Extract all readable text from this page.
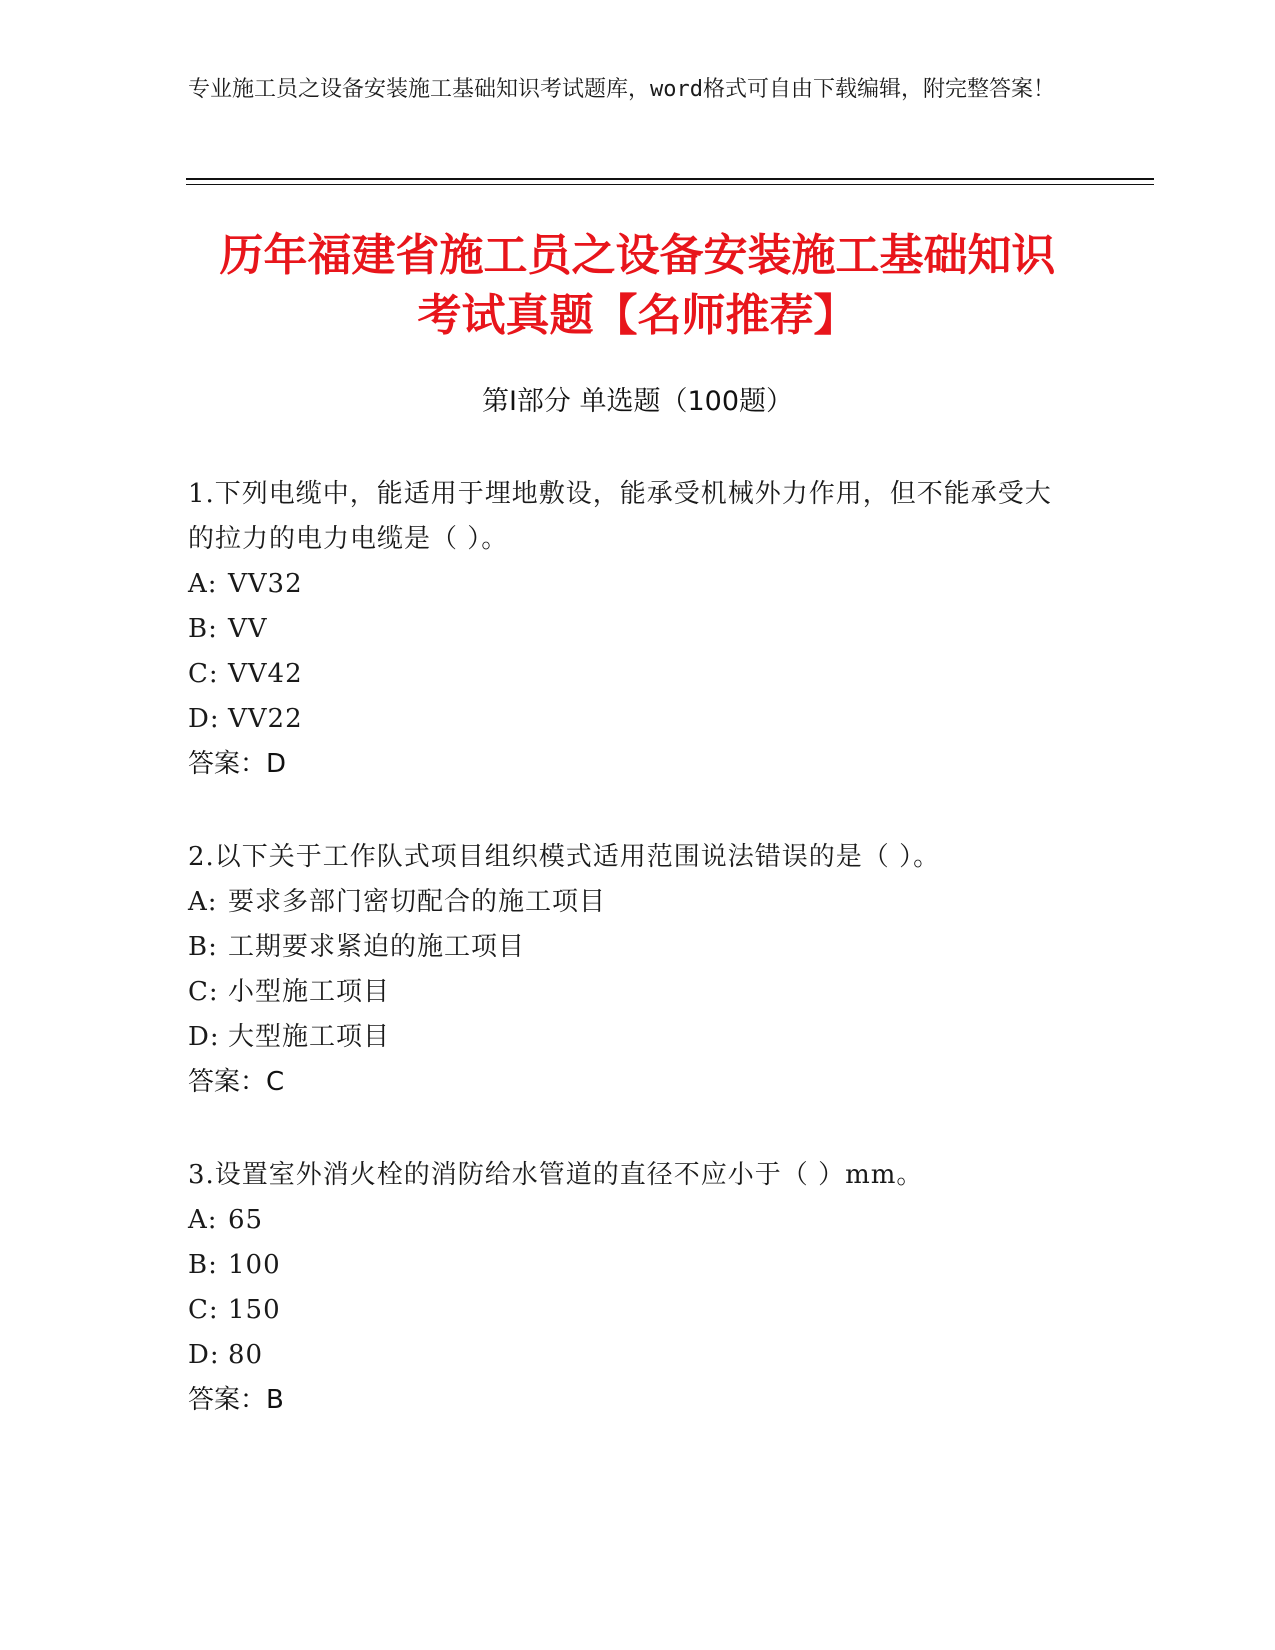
专业施工员之设备安装施工基础知识考试题库，word格式可自由下载编辑，附完整答案！
历年福建省施工员之设备安装施工基础知识
考试真题【名师推荐】
第Ⅰ部分 单选题（100题）
1.下列电缆中，能适用于埋地敷设，能承受机械外力作用，但不能承受大的拉力的电力电缆是（ ）。
A: VV32
B: VV
C: VV42
D: VV22
答案：D
2.以下关于工作队式项目组织模式适用范围说法错误的是（ ）。
A: 要求多部门密切配合的施工项目
B: 工期要求紧迫的施工项目
C: 小型施工项目
D: 大型施工项目
答案：C
3.设置室外消火栓的消防给水管道的直径不应小于（ ）mm。
A: 65
B: 100
C: 150
D: 80
答案：B
